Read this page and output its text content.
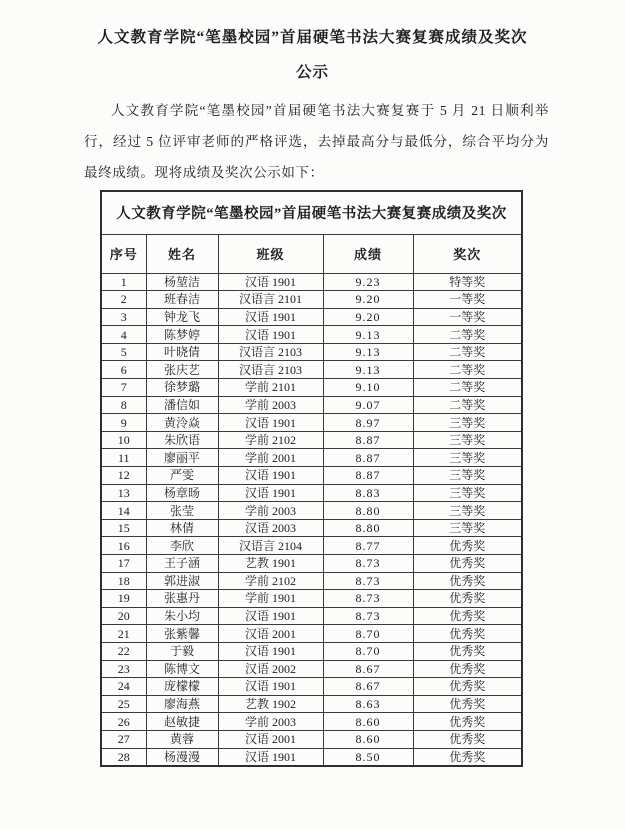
人文教育学院“笔墨校园”首届硬笔书法大赛复赛成绩及奖次
公示

人文教育学院“笔墨校园”首届硬笔书法大赛复赛于 5 月 21 日顺利举行，经过 5 位评审老师的严格评选，去掉最高分与最低分，综合平均分为最终成绩。现将成绩及奖次公示如下：

人文教育学院“笔墨校园”首届硬笔书法大赛复赛成绩及奖次				
序号	姓名	班级	成绩	奖次
1	杨堃洁	汉语 1901	9.23	特等奖
2	班春洁	汉语言 2101	9.20	一等奖
3	钟龙飞	汉语 1901	9.20	一等奖
4	陈梦婷	汉语 1901	9.13	二等奖
5	叶晓倩	汉语言 2103	9.13	二等奖
6	张庆艺	汉语言 2103	9.13	二等奖
7	徐梦璐	学前 2101	9.10	二等奖
8	潘信如	学前 2003	9.07	二等奖
9	黄泠焱	汉语 1901	8.97	三等奖
10	朱欣语	学前 2102	8.87	三等奖
11	廖丽平	学前 2001	8.87	三等奖
12	严雯	汉语 1901	8.87	三等奖
13	杨章旸	汉语 1901	8.83	三等奖
14	张莹	学前 2003	8.80	三等奖
15	林倩	汉语 2003	8.80	三等奖
16	李欣	汉语言 2104	8.77	优秀奖
17	王子涵	艺教 1901	8.73	优秀奖
18	郭进淑	学前 2102	8.73	优秀奖
19	张惠丹	学前 1901	8.73	优秀奖
20	朱小均	汉语 1901	8.73	优秀奖
21	张紫馨	汉语 2001	8.70	优秀奖
22	于毅	汉语 1901	8.70	优秀奖
23	陈博文	汉语 2002	8.67	优秀奖
24	庞檬檬	汉语 1901	8.67	优秀奖
25	廖海燕	艺教 1902	8.63	优秀奖
26	赵敏捷	学前 2003	8.60	优秀奖
27	黄蓉	汉语 2001	8.60	优秀奖
28	杨漫漫	汉语 1901	8.50	优秀奖
